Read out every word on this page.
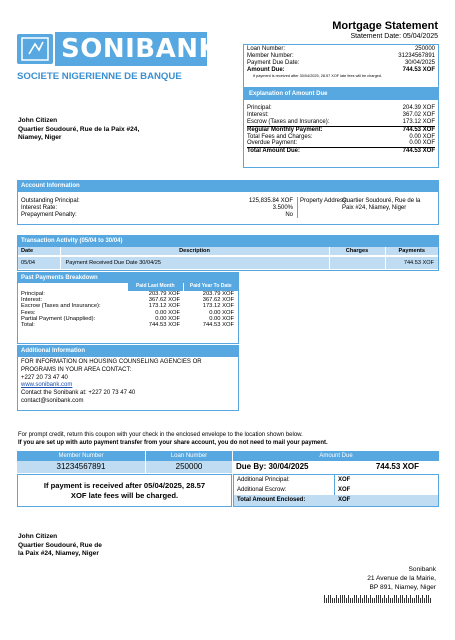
SONIBANK
SOCIETE NIGERIENNE DE BANQUE
Mortgage Statement
Statement Date: 05/04/2025
Loan Number:	250000
Member Number:	31234567891
Payment Due Date:	30/04/2025
Amount Due:	744.53 XOF
If payment is received after 30/04/2025, 28.57 XOF late fees will be charged.
Explanation of Amount Due
Principal:	204.39 XOF
Interest:	367.02 XOF
Escrow (Taxes and Insurance):	173.12 XOF
Regular Monthly Payment:	744.53 XOF
Total Fees and Charges:	0.00 XOF
Overdue Payment:	0.00 XOF
Total Amount Due:	744.53 XOF
John Citizen
Quartier Soudouré, Rue de la Paix #24,
Niamey, Niger
Account Information
Outstanding Principal:	125,835.84 XOF
Interest Rate:	3.500%
Prepayment Penalty:	No
Property Address:
Quartier Soudouré, Rue de la
Paix #24, Niamey, Niger
Transaction Activity (05/04 to 30/04)
Date	Description	Charges	Payments
05/04	Payment Received Due Date 30/04/25		744.53 XOF
Past Payments Breakdown
	Paid Last Month	Paid Year To Date
Principal:	203.79 XOF	203.79 XOF
Interest:	367.62 XOF	367.62 XOF
Escrow (Taxes and Insurance):	173.12 XOF	173.12 XOF
Fees:	0.00 XOF	0.00 XOF
Partial Payment (Unapplied):	0.00 XOF	0.00 XOF
Total:	744.53 XOF	744.53 XOF
Additional Information
FOR INFORMATION ON HOUSING COUNSELING AGENCIES OR PROGRAMS IN YOUR AREA CONTACT:
+227 20 73 47 40
www.sonibank.com
Contact the Sonibank at: +227 20 73 47 40
contact@sonibank.com
For prompt credit, return this coupon with your check in the enclosed envelope to the location shown below.
If you are set up with auto payment transfer from your share account, you do not need to mail your payment.
Member Number	Loan Number	Amount Due
31234567891	250000	Due By: 30/04/2025	744.53 XOF
If payment is received after 05/04/2025, 28.57 XOF late fees will be charged.
Additional Principal:	XOF
Additional Escrow:	XOF
Total Amount Enclosed:	XOF
John Citizen
Quartier Soudouré, Rue de
la Paix #24, Niamey, Niger
Sonibank
21 Avenue de la Mairie,
BP 891, Niamey, Niger
